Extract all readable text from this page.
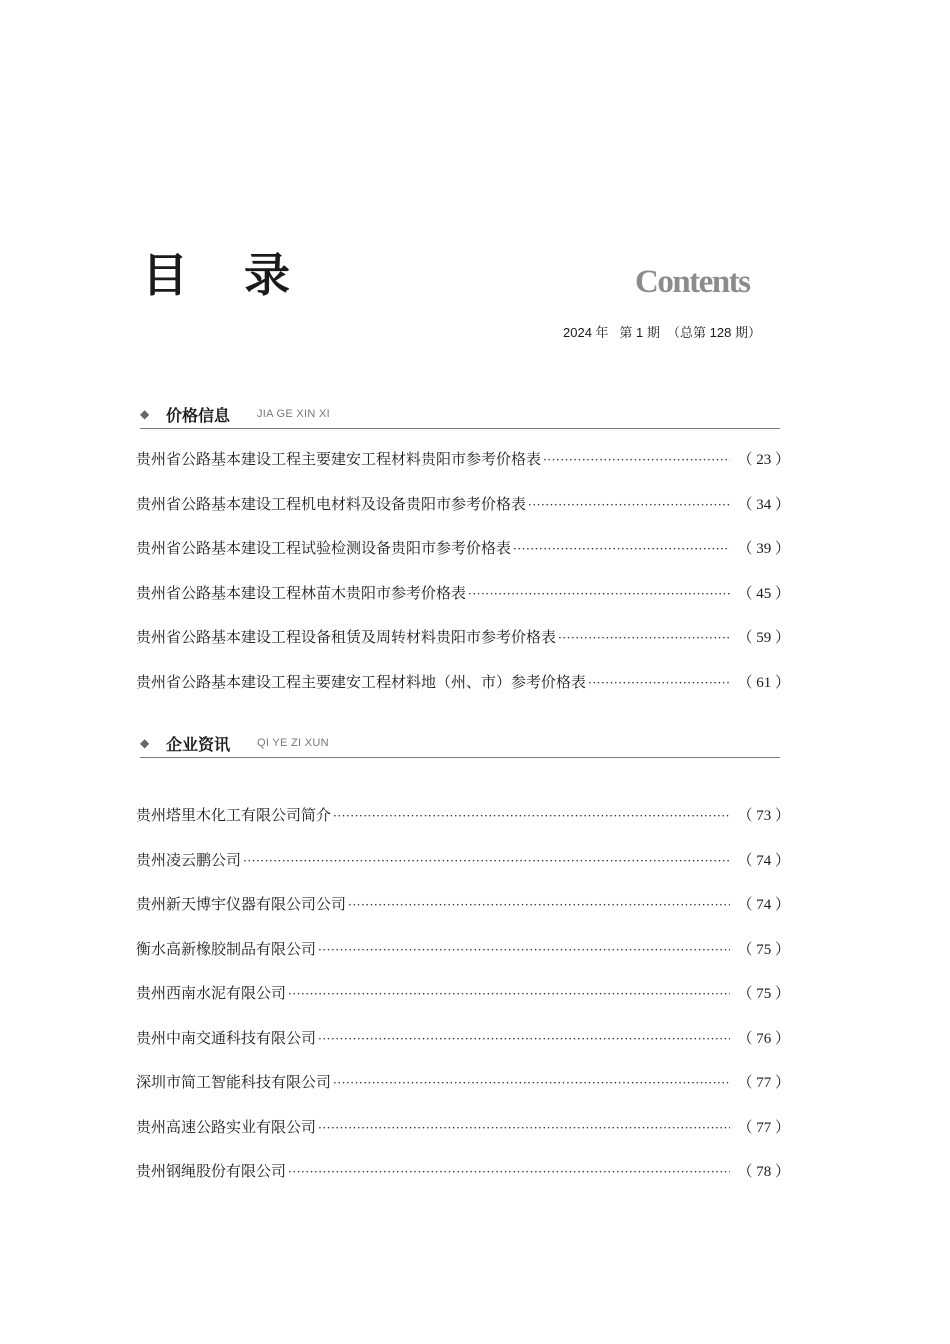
目 录	Contents
2024 年   第 1 期  （总第 128 期）
◆ 价格信息 JIA GE XIN XI
贵州省公路基本建设工程主要建安工程材料贵阳市参考价格表 ·····	（ 23 ）
贵州省公路基本建设工程机电材料及设备贵阳市参考价格表 ·····	（ 34 ）
贵州省公路基本建设工程试验检测设备贵阳市参考价格表 ·····	（ 39 ）
贵州省公路基本建设工程林苗木贵阳市参考价格表 ·····	（ 45 ）
贵州省公路基本建设工程设备租赁及周转材料贵阳市参考价格表 ·····	（ 59 ）
贵州省公路基本建设工程主要建安工程材料地（州、市）参考价格表 ·····	（ 61 ）
◆ 企业资讯 QI YE ZI XUN
贵州塔里木化工有限公司简介 ·····	（ 73 ）
贵州凌云鹏公司 ·····	（ 74 ）
贵州新天博宇仪器有限公司公司 ·····	（ 74 ）
衡水高新橡胶制品有限公司 ·····	（ 75 ）
贵州西南水泥有限公司 ·····	（ 75 ）
贵州中南交通科技有限公司 ·····	（ 76 ）
深圳市简工智能科技有限公司 ·····	（ 77 ）
贵州高速公路实业有限公司 ·····	（ 77 ）
贵州钢绳股份有限公司 ·····	（ 78 ）
